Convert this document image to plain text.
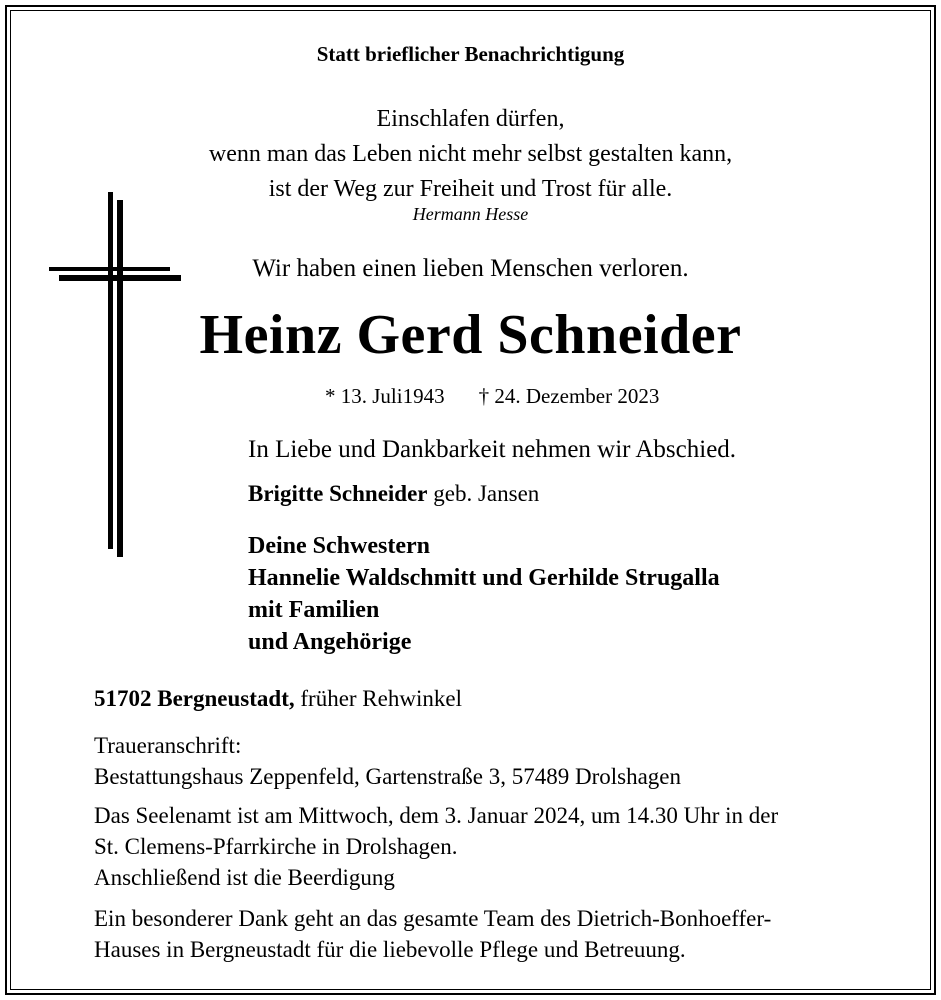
Statt brieflicher Benachrichtigung
Einschlafen dürfen,
wenn man das Leben nicht mehr selbst gestalten kann,
ist der Weg zur Freiheit und Trost für alle.
Hermann Hesse
Wir haben einen lieben Menschen verloren.
Heinz Gerd Schneider
* 13. Juli1943 † 24. Dezember 2023
In Liebe und Dankbarkeit nehmen wir Abschied.
Brigitte Schneider geb. Jansen
Deine Schwestern
Hannelie Waldschmitt und Gerhilde Strugalla
mit Familien
und Angehörige
51702 Bergneustadt, früher Rehwinkel
Traueranschrift:
Bestattungshaus Zeppenfeld, Gartenstraße 3, 57489 Drolshagen
Das Seelenamt ist am Mittwoch, dem 3. Januar 2024, um 14.30 Uhr in der
St. Clemens-Pfarrkirche in Drolshagen.
Anschließend ist die Beerdigung
Ein besonderer Dank geht an das gesamte Team des Dietrich-Bonhoeffer-
Hauses in Bergneustadt für die liebevolle Pflege und Betreuung.
